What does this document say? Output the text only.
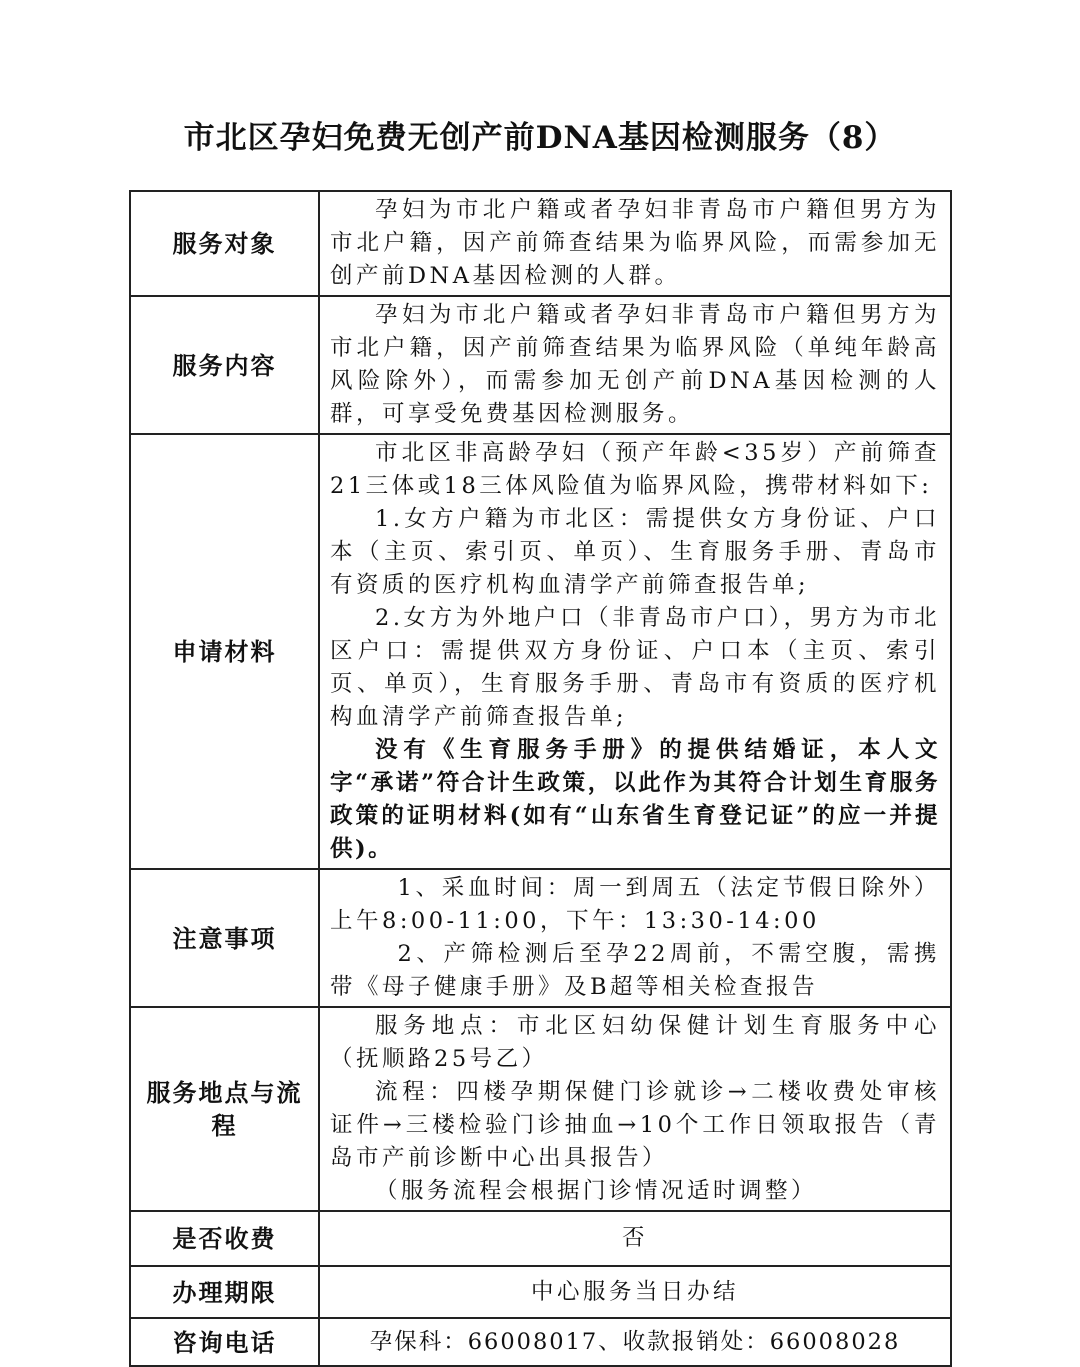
市北区孕妇免费无创产前DNA基因检测服务（8）
服务对象	孕妇为市北户籍或者孕妇非青岛市户籍但男方为市北户籍，因产前筛查结果为临界风险，而需参加无创产前DNA基因检测的人群。

服务内容	孕妇为市北户籍或者孕妇非青岛市户籍但男方为市北户籍，因产前筛查结果为临界风险（单纯年龄高风险除外），而需参加无创产前DNA基因检测的人群，可享受免费基因检测服务。

申请材料	市北区非高龄孕妇（预产年龄<35岁）产前筛查21三体或18三体风险值为临界风险，携带材料如下:

1.女方户籍为市北区：需提供女方身份证、户口本（主页、索引页、单页）、生育服务手册、青岛市有资质的医疗机构血清学产前筛查报告单;

2.女方为外地户口（非青岛市户口），男方为市北区户口：需提供双方身份证、户口本（主页、索引页、单页），生育服务手册、青岛市有资质的医疗机构血清学产前筛查报告单;

没有《生育服务手册》的提供结婚证，本人文字“承诺”符合计生政策，以此作为其符合计划生育服务政策的证明材料(如有“山东省生育登记证”的应一并提供)。

注意事项	1、采血时间：周一到周五（法定节假日除外）上午8:00-11:00，下午：13:30-14:00

2、产筛检测后至孕22周前，不需空腹，需携带《母子健康手册》及B超等相关检查报告

服务地点与流程	服务地点：市北区妇幼保健计划生育服务中心（抚顺路25号乙）

流程：四楼孕期保健门诊就诊→二楼收费处审核证件→三楼检验门诊抽血→10个工作日领取报告（青岛市产前诊断中心出具报告）

（服务流程会根据门诊情况适时调整）

是否收费	否
办理期限	中心服务当日办结
咨询电话	孕保科：66008017、收款报销处：66008028
